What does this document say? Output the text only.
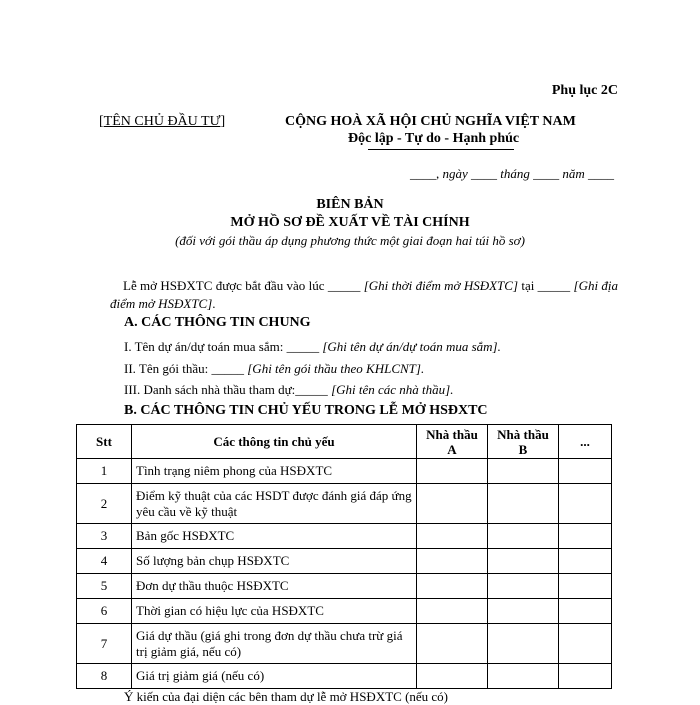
Phụ lục 2C
[TÊN CHỦ ĐẦU TƯ]	CỘNG HOÀ XÃ HỘI CHỦ NGHĨA VIỆT NAM
Độc lập - Tự do - Hạnh phúc
____, ngày ____ tháng ____ năm ____
BIÊN BẢN
MỞ HỒ SƠ ĐỀ XUẤT VỀ TÀI CHÍNH
(đối với gói thầu áp dụng phương thức một giai đoạn hai túi hồ sơ)
Lễ mở HSĐXTC được bắt đầu vào lúc _____ [Ghi thời điểm mở HSĐXTC] tại _____ [Ghi địa điểm mở HSĐXTC].
A. CÁC THÔNG TIN CHUNG
I. Tên dự án/dự toán mua sắm: _____ [Ghi tên dự án/dự toán mua sắm].
II. Tên gói thầu: _____ [Ghi tên gói thầu theo KHLCNT].
III. Danh sách nhà thầu tham dự:_____ [Ghi tên các nhà thầu].
B. CÁC THÔNG TIN CHỦ YẾU TRONG LỄ MỞ HSĐXTC
Stt	Các thông tin chủ yếu	Nhà thầu A	Nhà thầu B	...
1	Tình trạng niêm phong của HSĐXTC			
2	Điểm kỹ thuật của các HSDT được đánh giá đáp ứng yêu cầu về kỹ thuật			
3	Bản gốc HSĐXTC			
4	Số lượng bản chụp HSĐXTC			
5	Đơn dự thầu thuộc HSĐXTC			
6	Thời gian có hiệu lực của HSĐXTC			
7	Giá dự thầu (giá ghi trong đơn dự thầu chưa trừ giá trị giảm giá, nếu có)			
8	Giá trị giảm giá (nếu có)			
Ý kiến của đại diện các bên tham dự lễ mở HSĐXTC (nếu có)
